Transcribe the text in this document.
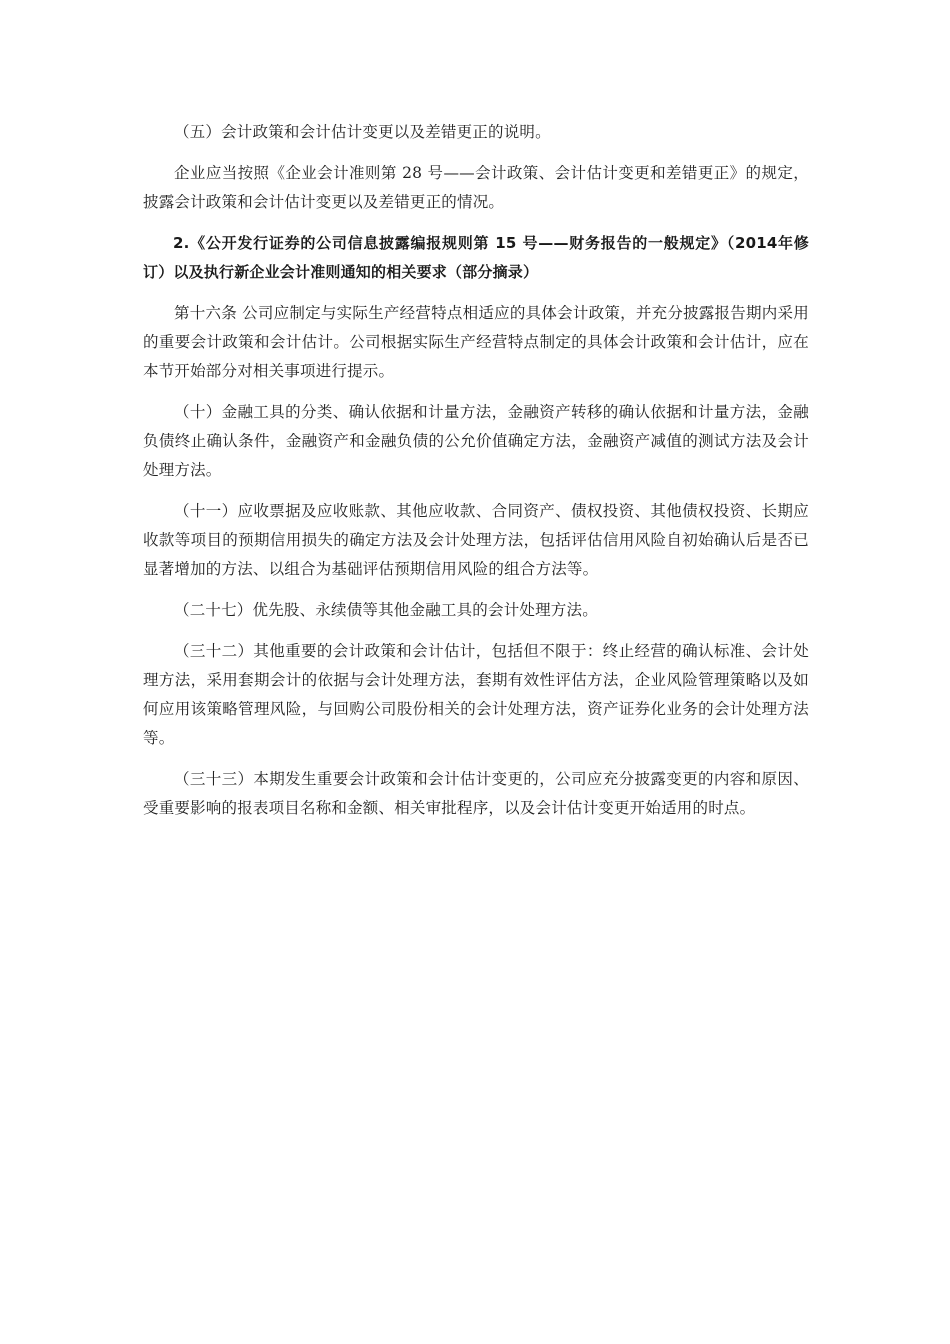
（五）会计政策和会计估计变更以及差错更正的说明。

企业应当按照《企业会计准则第 28 号——会计政策、会计估计变更和差错更正》的规定，披露会计政策和会计估计变更以及差错更正的情况。

2.《公开发行证券的公司信息披露编报规则第 15 号——财务报告的一般规定》（2014年修订）以及执行新企业会计准则通知的相关要求（部分摘录）

第十六条 公司应制定与实际生产经营特点相适应的具体会计政策，并充分披露报告期内采用的重要会计政策和会计估计。公司根据实际生产经营特点制定的具体会计政策和会计估计，应在本节开始部分对相关事项进行提示。

（十）金融工具的分类、确认依据和计量方法，金融资产转移的确认依据和计量方法，金融负债终止确认条件，金融资产和金融负债的公允价值确定方法，金融资产减值的测试方法及会计处理方法。

（十一）应收票据及应收账款、其他应收款、合同资产、债权投资、其他债权投资、长期应收款等项目的预期信用损失的确定方法及会计处理方法，包括评估信用风险自初始确认后是否已显著增加的方法、以组合为基础评估预期信用风险的组合方法等。

（二十七）优先股、永续债等其他金融工具的会计处理方法。

（三十二）其他重要的会计政策和会计估计，包括但不限于：终止经营的确认标准、会计处理方法，采用套期会计的依据与会计处理方法，套期有效性评估方法，企业风险管理策略以及如何应用该策略管理风险，与回购公司股份相关的会计处理方法，资产证券化业务的会计处理方法等。

（三十三）本期发生重要会计政策和会计估计变更的，公司应充分披露变更的内容和原因、受重要影响的报表项目名称和金额、相关审批程序，以及会计估计变更开始适用的时点。
